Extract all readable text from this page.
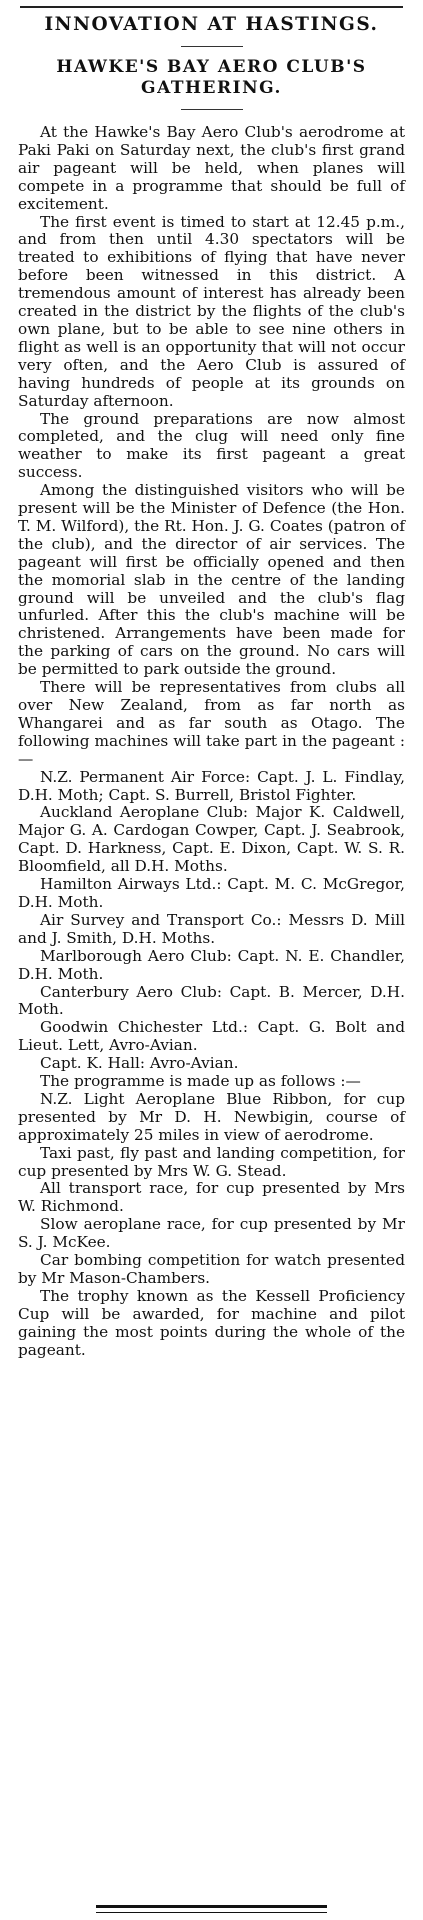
INNOVATION AT HASTINGS.
HAWKE'S BAY AERO CLUB'S GATHERING.

At the Hawke's Bay Aero Club's aerodrome at Paki Paki on Saturday next, the club's first grand air pageant will be held, when planes will compete in a programme that should be full of excitement.

The first event is timed to start at 12.45 p.m., and from then until 4.30 spectators will be treated to exhibitions of flying that have never before been witnessed in this district. A tremendous amount of interest has already been created in the district by the flights of the club's own plane, but to be able to see nine others in flight as well is an opportunity that will not occur very often, and the Aero Club is assured of having hundreds of people at its grounds on Saturday afternoon.

The ground preparations are now almost completed, and the clug will need only fine weather to make its first pageant a great success.

Among the distinguished visitors who will be present will be the Minister of Defence (the Hon. T. M. Wilford), the Rt. Hon. J. G. Coates (patron of the club), and the director of air services. The pageant will first be officially opened and then the momorial slab in the centre of the landing ground will be unveiled and the club's flag unfurled. After this the club's machine will be christened. Arrangements have been made for the parking of cars on the ground. No cars will be permitted to park outside the ground.

There will be representatives from clubs all over New Zealand, from as far north as Whangarei and as far south as Otago. The following machines will take part in the pageant :—

N.Z. Permanent Air Force: Capt. J. L. Findlay, D.H. Moth; Capt. S. Burrell, Bristol Fighter.

Auckland Aeroplane Club: Major K. Caldwell, Major G. A. Cardogan Cowper, Capt. J. Seabrook, Capt. D. Harkness, Capt. E. Dixon, Capt. W. S. R. Bloomfield, all D.H. Moths.

Hamilton Airways Ltd.: Capt. M. C. McGregor, D.H. Moth.

Air Survey and Transport Co.: Messrs D. Mill and J. Smith, D.H. Moths.

Marlborough Aero Club: Capt. N. E. Chandler, D.H. Moth.

Canterbury Aero Club: Capt. B. Mercer, D.H. Moth.

Goodwin Chichester Ltd.: Capt. G. Bolt and Lieut. Lett, Avro-Avian.

Capt. K. Hall: Avro-Avian.

The programme is made up as follows :—

N.Z. Light Aeroplane Blue Ribbon, for cup presented by Mr D. H. Newbigin, course of approximately 25 miles in view of aerodrome.

Taxi past, fly past and landing competition, for cup presented by Mrs W. G. Stead.

All transport race, for cup presented by Mrs W. Richmond.

Slow aeroplane race, for cup presented by Mr S. J. McKee.

Car bombing competition for watch presented by Mr Mason-Chambers.

The trophy known as the Kessell Proficiency Cup will be awarded, for machine and pilot gaining the most points during the whole of the pageant.
